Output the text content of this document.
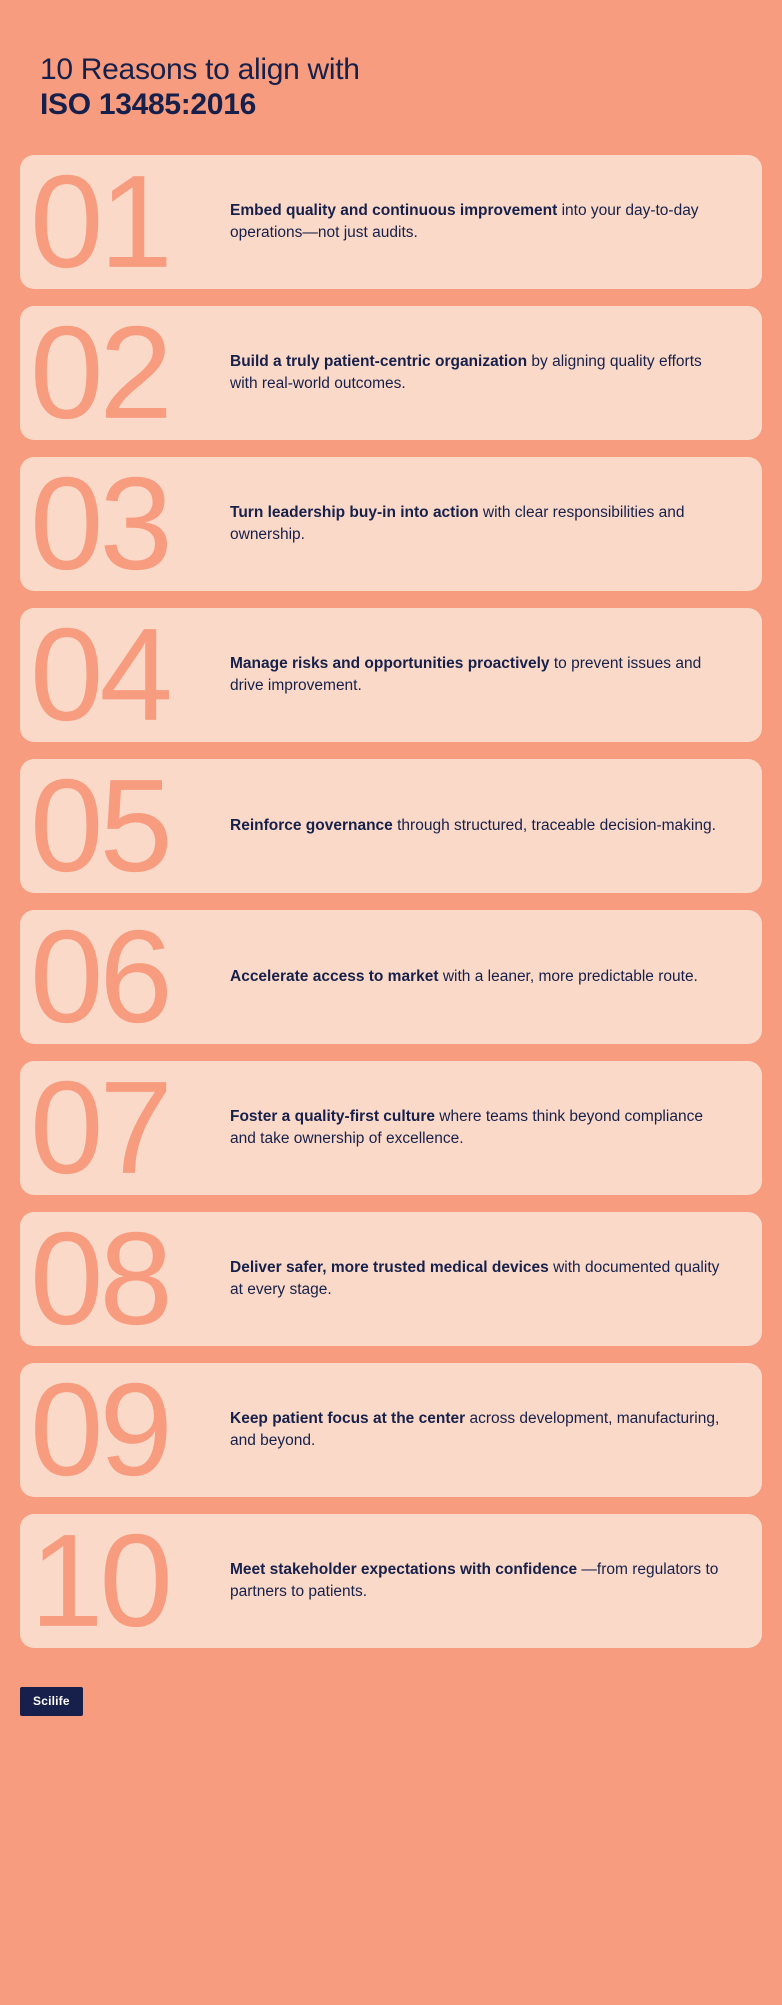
10 Reasons to align with
ISO 13485:2016
01	Embed quality and continuous improvement into your day-to-day operations—not just audits.
02	Build a truly patient-centric organization by aligning quality efforts with real-world outcomes.
03	Turn leadership buy-in into action with clear responsibilities and ownership.
04	Manage risks and opportunities proactively to prevent issues and drive improvement.
05	Reinforce governance through structured, traceable decision-making.
06	Accelerate access to market with a leaner, more predictable route.
07	Foster a quality-first culture where teams think beyond compliance and take ownership of excellence.
08	Deliver safer, more trusted medical devices with documented quality at every stage.
09	Keep patient focus at the center across development, manufacturing, and beyond.
10	Meet stakeholder expectations with confidence —from regulators to partners to patients.
Scilife
